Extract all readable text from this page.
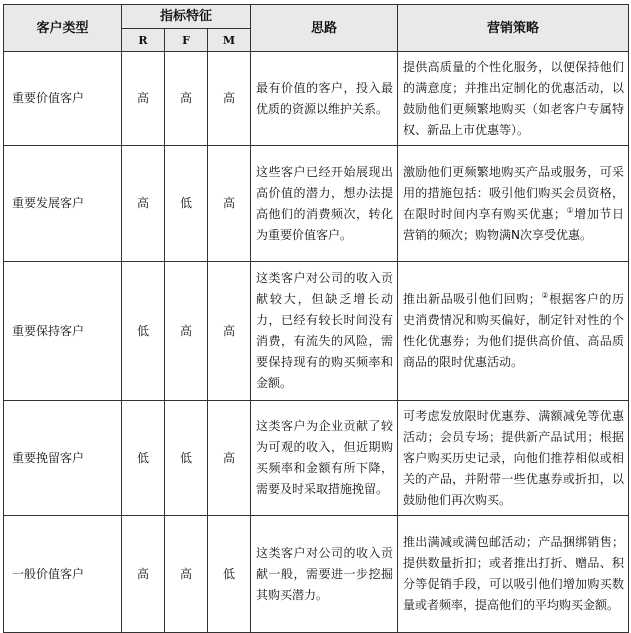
客户类型	指标特征			思路	营销策略
	R	F	M		
重要价值客户	高	高	高	最有价值的客户，投入最优质的资源以维护关系。	提供高质量的个性化服务，以便保持他们的满意度；并推出定制化的优惠活动，以鼓励他们更频繁地购买（如老客户专属特权、新品上市优惠等）。
重要发展客户	高	低	高	这些客户已经开始展现出高价值的潜力，想办法提高他们的消费频次，转化为重要价值客户。	激励他们更频繁地购买产品或服务，可采用的措施包括：吸引他们购买会员资格，在限时时间内享有购买优惠；①增加节日营销的频次；购物满N次享受优惠。
重要保持客户	低	高	高	这类客户对公司的收入贡献较大，但缺乏增长动力，已经有较长时间没有消费，有流失的风险，需要保持现有的购买频率和金额。	推出新品吸引他们回购；②根据客户的历史消费情况和购买偏好，制定针对性的个性化优惠券；为他们提供高价值、高品质商品的限时优惠活动。
重要挽留客户	低	低	高	这类客户为企业贡献了较为可观的收入，但近期购买频率和金额有所下降，需要及时采取措施挽留。	可考虑发放限时优惠券、满额减免等优惠活动；会员专场；提供新产品试用；根据客户购买历史记录，向他们推荐相似或相关的产品，并附带一些优惠券或折扣，以鼓励他们再次购买。
一般价值客户	高	高	低	这类客户对公司的收入贡献一般，需要进一步挖掘其购买潜力。	推出满减或满包邮活动；产品捆绑销售；提供数量折扣；或者推出打折、赠品、积分等促销手段，可以吸引他们增加购买数量或者频率，提高他们的平均购买金额。
